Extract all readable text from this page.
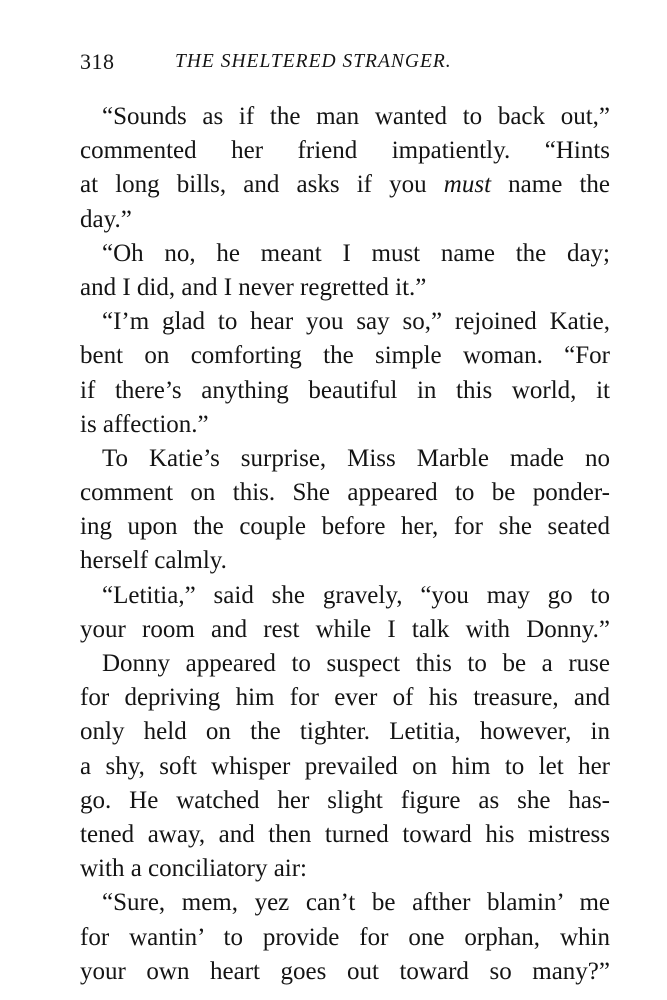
318	THE SHELTERED STRANGER.
“Sounds as if the man wanted to back out,”
commented her friend impatiently. “Hints
at long bills, and asks if you must name the
day.”
“Oh no, he meant I must name the day;
and I did, and I never regretted it.”
“I’m glad to hear you say so,” rejoined Katie,
bent on comforting the simple woman. “For
if there’s anything beautiful in this world, it
is affection.”
To Katie’s surprise, Miss Marble made no
comment on this. She appeared to be ponder-
ing upon the couple before her, for she seated
herself calmly.
“Letitia,” said she gravely, “you may go to
your room and rest while I talk with Donny.”
Donny appeared to suspect this to be a ruse
for depriving him for ever of his treasure, and
only held on the tighter. Letitia, however, in
a shy, soft whisper prevailed on him to let her
go. He watched her slight figure as she has-
tened away, and then turned toward his mistress
with a conciliatory air:
“Sure, mem, yez can’t be afther blamin’ me
for wantin’ to provide for one orphan, whin
your own heart goes out toward so many?”
